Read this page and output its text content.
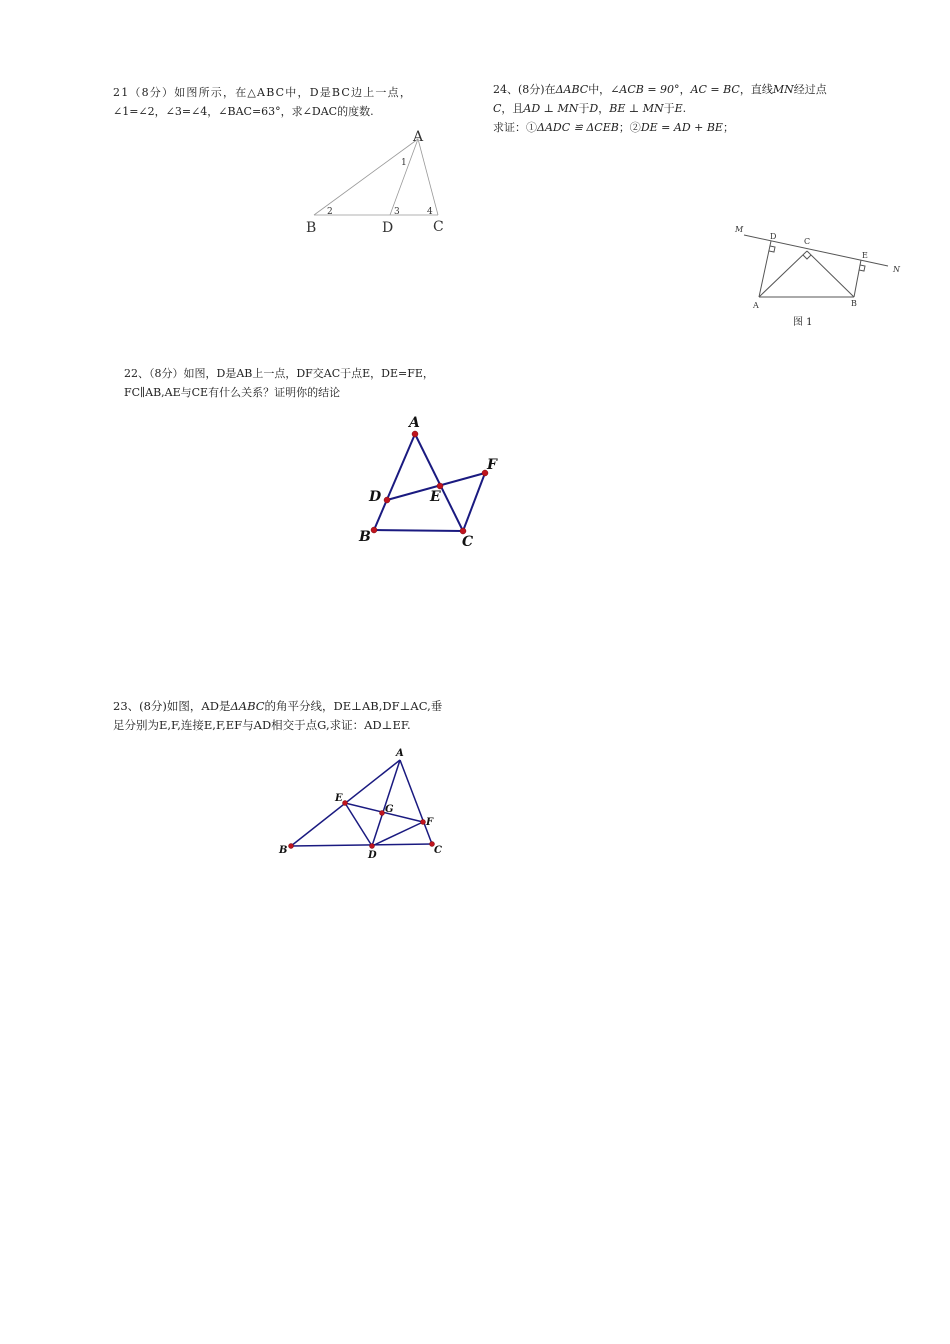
21（8分）如图所示，在△ABC中，D是BC边上一点，
∠1=∠2，∠3=∠4，∠BAC=63°，求∠DAC的度数.
A
B	D	C
1
2	3	4
24、(8分)在ΔABC中，∠ACB = 90°，AC = BC，直线MN经过点
C，且AD ⊥ MN于D，BE ⊥ MN于E.
求证：①ΔADC ≌ ΔCEB；②DE = AD + BE；
M
D
C
E
N
A	B
图 1
22、（8分）如图，D是AB上一点，DF交AC于点E，DE=FE，
FC∥AB,AE与CE有什么关系？证明你的结论
A
D	E
F
B	C
23、(8分)如图，AD是ΔABC的角平分线，DE⊥AB,DF⊥AC,垂
足分别为E,F,连接E,F,EF与AD相交于点G,求证：AD⊥EF.
A
E
G
F
B	D	C
